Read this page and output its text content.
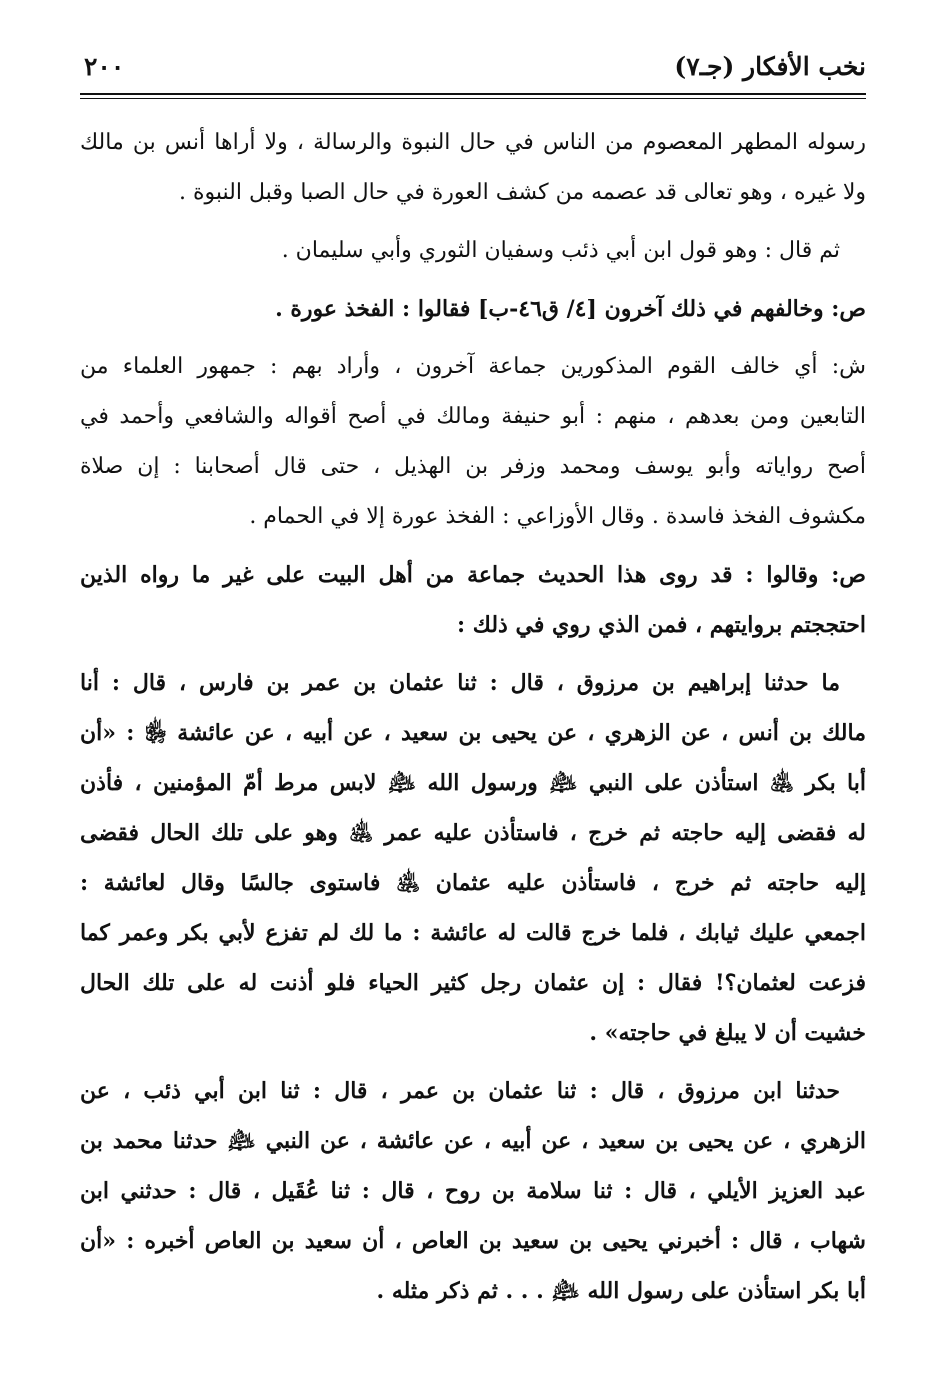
نخب الأفكار (جـ٧)
٢٠٠
رسوله المطهر المعصوم من الناس في حال النبوة والرسالة ، ولا أراها أنس بن مالك
ولا غيره ، وهو تعالى قد عصمه من كشف العورة في حال الصبا وقبل النبوة .
ثم قال : وهو قول ابن أبي ذئب وسفيان الثوري وأبي سليمان .
ص: وخالفهم في ذلك آخرون [٤/ ق٤٦-ب] فقالوا : الفخذ عورة .
ش: أي خالف القوم المذكورين جماعة آخرون ، وأراد بهم : جمهور العلماء من
التابعين ومن بعدهم ، منهم : أبو حنيفة ومالك في أصح أقواله والشافعي وأحمد في
أصح رواياته وأبو يوسف ومحمد وزفر بن الهذيل ، حتى قال أصحابنا : إن صلاة
مكشوف الفخذ فاسدة . وقال الأوزاعي : الفخذ عورة إلا في الحمام .
ص: وقالوا : قد روى هذا الحديث جماعة من أهل البيت على غير ما رواه الذين
احتججتم بروايتهم ، فمن الذي روي في ذلك :
ما حدثنا إبراهيم بن مرزوق ، قال : ثنا عثمان بن عمر بن فارس ، قال : أنا
مالك بن أنس ، عن الزهري ، عن يحيى بن سعيد ، عن أبيه ، عن عائشة ﵂ : «أن
أبا بكر ﵁ استأذن على النبي ﵇ ورسول الله ﵇ لابس مرط أمّ المؤمنين ، فأذن
له فقضى إليه حاجته ثم خرج ، فاستأذن عليه عمر ﵁ وهو على تلك الحال فقضى
إليه حاجته ثم خرج ، فاستأذن عليه عثمان ﵁ فاستوى جالسًا وقال لعائشة :
اجمعي عليك ثيابك ، فلما خرج قالت له عائشة : ما لك لم تفزع لأبي بكر وعمر كما
فزعت لعثمان؟! فقال : إن عثمان رجل كثير الحياء فلو أذنت له على تلك الحال
خشيت أن لا يبلغ في حاجته» .
حدثنا ابن مرزوق ، قال : ثنا عثمان بن عمر ، قال : ثنا ابن أبي ذئب ، عن
الزهري ، عن يحيى بن سعيد ، عن أبيه ، عن عائشة ، عن النبي ﵇ حدثنا محمد بن
عبد العزيز الأيلي ، قال : ثنا سلامة بن روح ، قال : ثنا عُقَيل ، قال : حدثني ابن
شهاب ، قال : أخبرني يحيى بن سعيد بن العاص ، أن سعيد بن العاص أخبره : «أن
أبا بكر استأذن على رسول الله ﵇ . . . ثم ذكر مثله .
